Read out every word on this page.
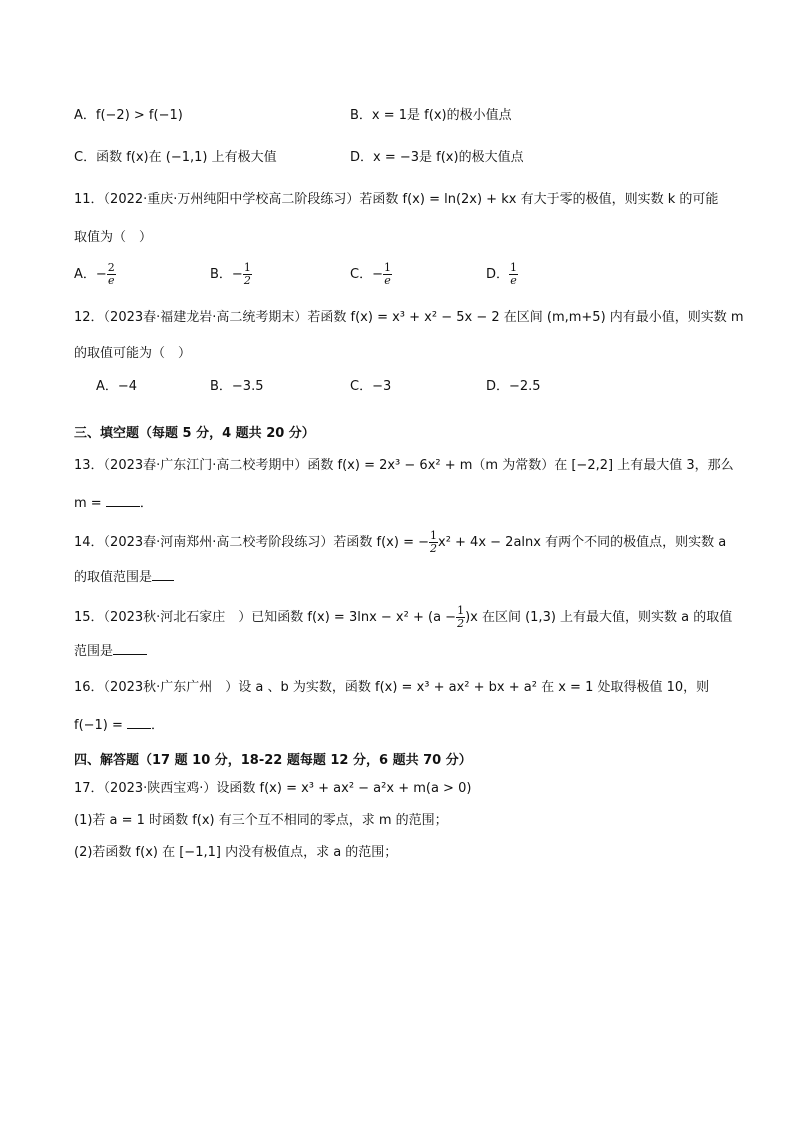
A．f(−2) > f(−1)	B．x = 1是 f(x)的极小值点
C．函数 f(x)在 (−1,1) 上有极大值	D．x = −3是 f(x)的极大值点
11．（2022·重庆·万州纯阳中学校高二阶段练习）若函数 f(x) = ln(2x) + kx 有大于零的极值，则实数 k 的可能
取值为（　）
A．− $\frac{2}{e}$	B．− $\frac{1}{2}$	C．− $\frac{1}{e}$	D． $\frac{1}{e}$
12．（2023春·福建龙岩·高二统考期末）若函数 f(x) = x³ + x² − 5x − 2 在区间 (m,m+5) 内有最小值，则实数 m
的取值可能为（　）
A．−4	B．−3.5	C．−3	D．−2.5
三、填空题（每题 5 分，4 题共 20 分）
13．（2023春·广东江门·高二校考期中）函数 f(x) = 2x³ − 6x² + m（m 为常数）在 [−2,2] 上有最大值 3，那么
m =	．
14．（2023春·河南郑州·高二校考阶段练习）若函数 f(x) = − $\frac{1}{2} x^2 + 4x - 2alnx$ 有两个不同的极值点，则实数 a
的取值范围是
15．（2023秋·河北石家庄　）已知函数 $f(x) = 3\ln x - x^2 + (a - \frac{1}{2} )x$ 在区间 (1,3) 上有最大值，则实数 a 的取值
范围是
16．（2023秋·广东广州　）设 a 、b 为实数，函数 f(x) = x³ + ax² + bx + a² 在 x = 1 处取得极值 10，则
f(−1) = ．
四、解答题（17 题 10 分，18-22 题每题 12 分，6 题共 70 分）
17．（2023·陕西宝鸡·）设函数 f(x) = x³ + ax² − a²x + m(a > 0)
(1)若 a = 1 时函数 f(x) 有三个互不相同的零点，求 m 的范围；
(2)若函数 f(x) 在 [−1,1] 内没有极值点，求 a 的范围；
